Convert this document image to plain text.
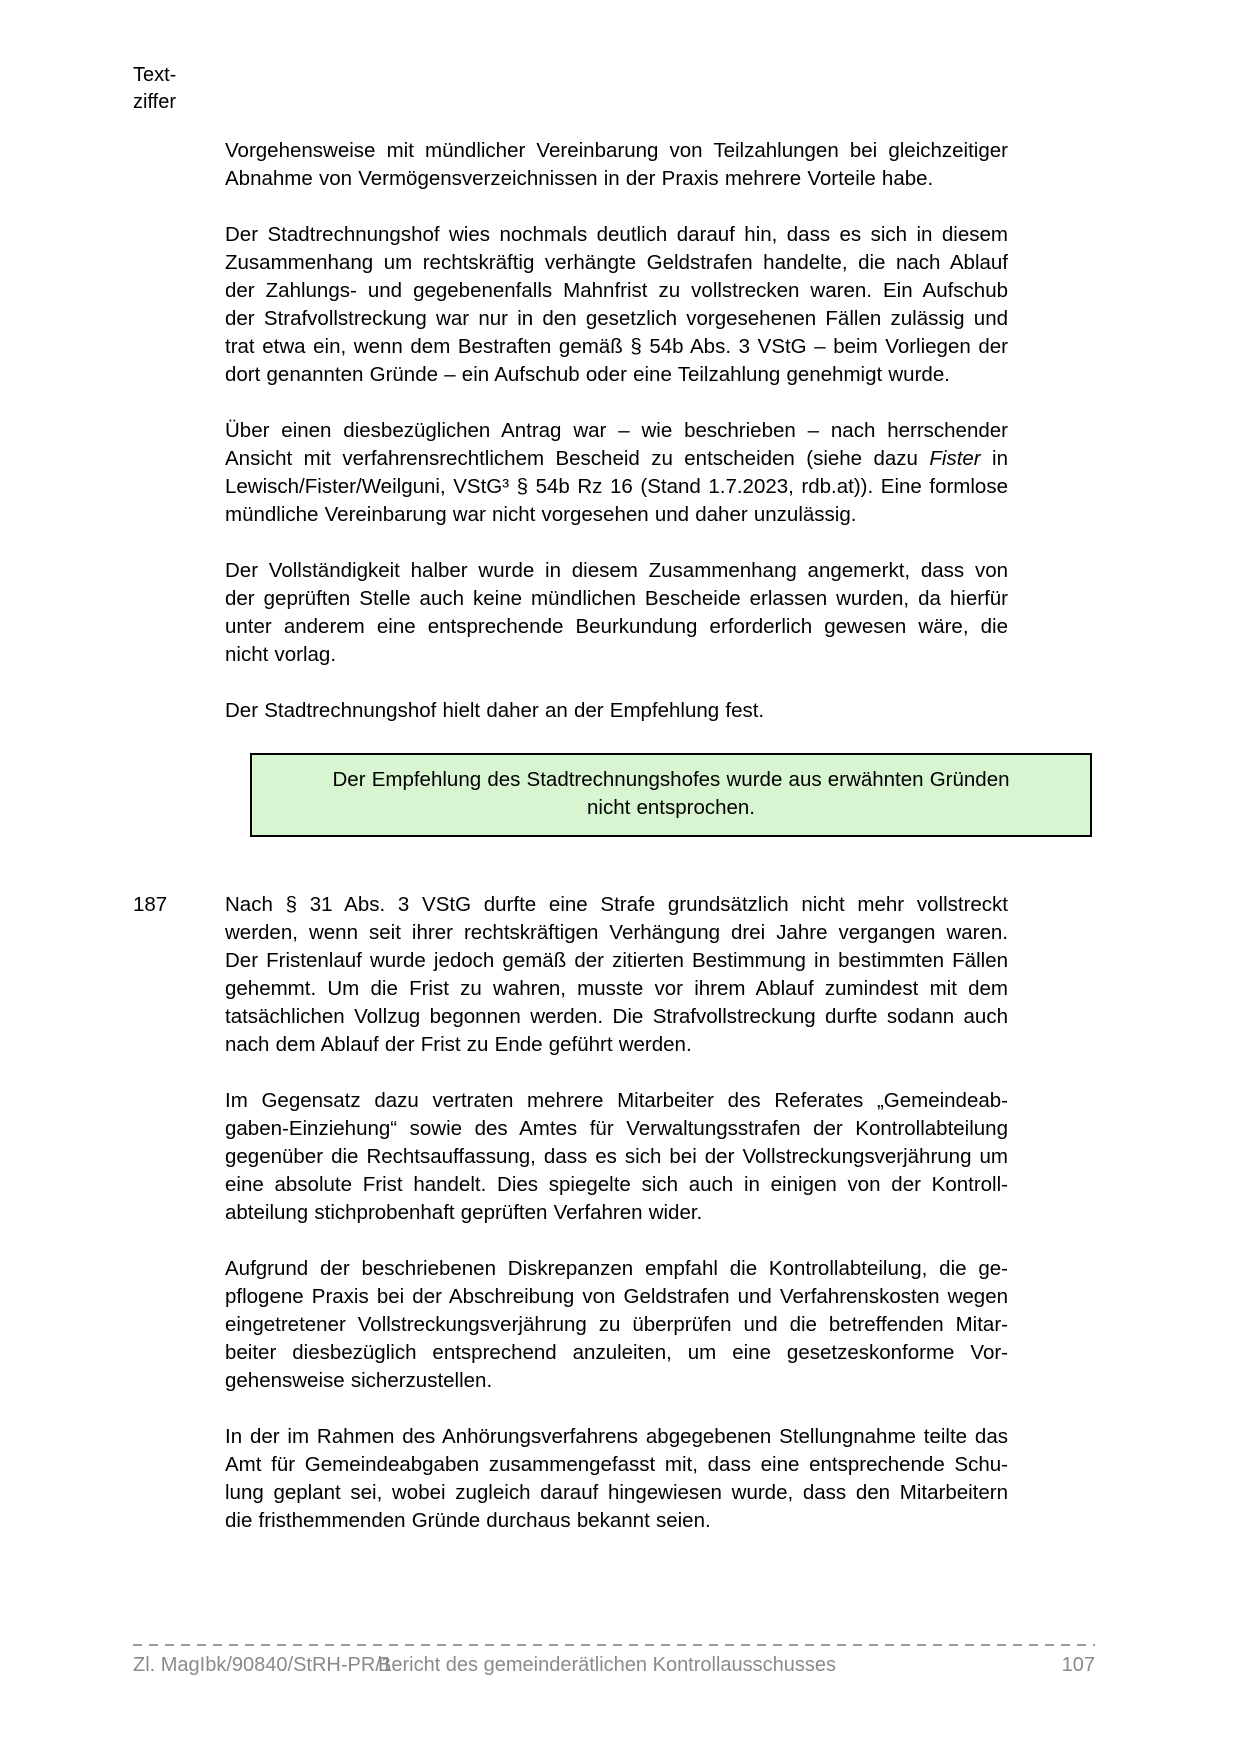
Text-
ziffer
Vorgehensweise mit mündlicher Vereinbarung von Teilzahlungen bei gleichzeitiger
Abnahme von Vermögensverzeichnissen in der Praxis mehrere Vorteile habe.
Der Stadtrechnungshof wies nochmals deutlich darauf hin, dass es sich in diesem
Zusammenhang um rechtskräftig verhängte Geldstrafen handelte, die nach Ablauf
der Zahlungs- und gegebenenfalls Mahnfrist zu vollstrecken waren. Ein Aufschub
der Strafvollstreckung war nur in den gesetzlich vorgesehenen Fällen zulässig und
trat etwa ein, wenn dem Bestraften gemäß § 54b Abs. 3 VStG – beim Vorliegen der
dort genannten Gründe – ein Aufschub oder eine Teilzahlung genehmigt wurde.
Über einen diesbezüglichen Antrag war – wie beschrieben – nach herrschender
Ansicht mit verfahrensrechtlichem Bescheid zu entscheiden (siehe dazu Fister in
Lewisch/Fister/Weilguni, VStG³ § 54b Rz 16 (Stand 1.7.2023, rdb.at)). Eine formlose
mündliche Vereinbarung war nicht vorgesehen und daher unzulässig.
Der Vollständigkeit halber wurde in diesem Zusammenhang angemerkt, dass von
der geprüften Stelle auch keine mündlichen Bescheide erlassen wurden, da hierfür
unter anderem eine entsprechende Beurkundung erforderlich gewesen wäre, die
nicht vorlag.
Der Stadtrechnungshof hielt daher an der Empfehlung fest.
Der Empfehlung des Stadtrechnungshofes wurde aus erwähnten Gründen
nicht entsprochen.
187	Nach § 31 Abs. 3 VStG durfte eine Strafe grundsätzlich nicht mehr vollstreckt
werden, wenn seit ihrer rechtskräftigen Verhängung drei Jahre vergangen waren.
Der Fristenlauf wurde jedoch gemäß der zitierten Bestimmung in bestimmten Fällen
gehemmt. Um die Frist zu wahren, musste vor ihrem Ablauf zumindest mit dem
tatsächlichen Vollzug begonnen werden. Die Strafvollstreckung durfte sodann auch
nach dem Ablauf der Frist zu Ende geführt werden.
Im Gegensatz dazu vertraten mehrere Mitarbeiter des Referates „Gemeindeab-
gaben-Einziehung“ sowie des Amtes für Verwaltungsstrafen der Kontrollabteilung
gegenüber die Rechtsauffassung, dass es sich bei der Vollstreckungsverjährung um
eine absolute Frist handelt. Dies spiegelte sich auch in einigen von der Kontroll-
abteilung stichprobenhaft geprüften Verfahren wider.
Aufgrund der beschriebenen Diskrepanzen empfahl die Kontrollabteilung, die ge-
pflogene Praxis bei der Abschreibung von Geldstrafen und Verfahrenskosten wegen
eingetretener Vollstreckungsverjährung zu überprüfen und die betreffenden Mitar-
beiter diesbezüglich entsprechend anzuleiten, um eine gesetzeskonforme Vor-
gehensweise sicherzustellen.
In der im Rahmen des Anhörungsverfahrens abgegebenen Stellungnahme teilte das
Amt für Gemeindeabgaben zusammengefasst mit, dass eine entsprechende Schu-
lung geplant sei, wobei zugleich darauf hingewiesen wurde, dass den Mitarbeitern
die fristhemmenden Gründe durchaus bekannt seien.
Zl. MagIbk/90840/StRH-PR/1
Bericht des gemeinderätlichen Kontrollausschusses	107
